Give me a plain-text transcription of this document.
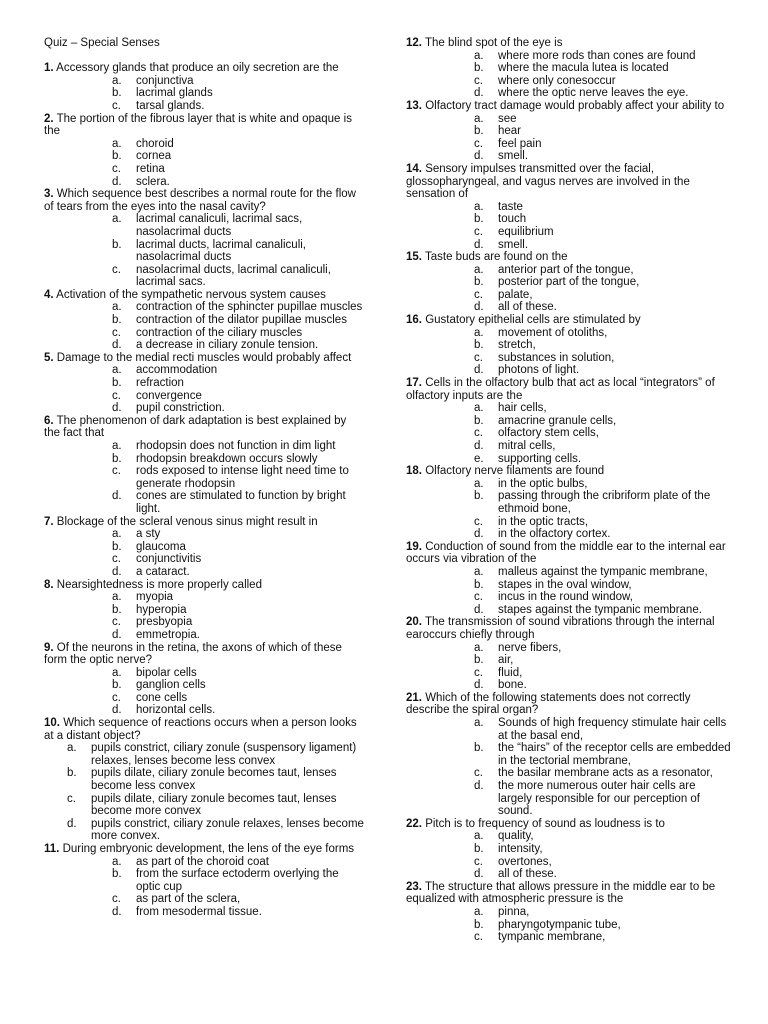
Quiz – Special Senses

1. Accessory glands that produce an oily secretion are the

a.	conjunctiva
b.	lacrimal glands
c.	tarsal glands.

2. The portion of the fibrous layer that is white and opaque is the

a.	choroid
b.	cornea
c.	retina
d.	sclera.

3. Which sequence best describes a normal route for the flow of tears from the eyes into the nasal cavity?

a.	lacrimal canaliculi, lacrimal sacs, nasolacrimal ducts
b.	lacrimal ducts, lacrimal canaliculi, nasolacrimal ducts
c.	nasolacrimal ducts, lacrimal canaliculi, lacrimal sacs.

4. Activation of the sympathetic nervous system causes

a.	contraction of the sphincter pupillae muscles
b.	contraction of the dilator pupillae muscles
c.	contraction of the ciliary muscles
d.	a decrease in ciliary zonule tension.

5. Damage to the medial recti muscles would probably affect

a.	accommodation
b.	refraction
c.	convergence
d.	pupil constriction.

6. The phenomenon of dark adaptation is best explained by the fact that

a.	rhodopsin does not function in dim light
b.	rhodopsin breakdown occurs slowly
c.	rods exposed to intense light need time to generate rhodopsin
d.	cones are stimulated to function by bright light.

7. Blockage of the scleral venous sinus might result in

a.	a sty
b.	glaucoma
c.	conjunctivitis
d.	a cataract.

8. Nearsightedness is more properly called

a.	myopia
b.	hyperopia
c.	presbyopia
d.	emmetropia.

9. Of the neurons in the retina, the axons of which of these form the optic nerve?

a.	bipolar cells
b.	ganglion cells
c.	cone cells
d.	horizontal cells.

10. Which sequence of reactions occurs when a person looks at a distant object?

a.	pupils constrict, ciliary zonule (suspensory ligament) relaxes, lenses become less convex
b.	pupils dilate, ciliary zonule becomes taut, lenses become less convex
c.	pupils dilate, ciliary zonule becomes taut, lenses become more convex
d.	pupils constrict, ciliary zonule relaxes, lenses become more convex.

11. During embryonic development, the lens of the eye forms

a.	as part of the choroid coat
b.	from the surface ectoderm overlying the optic cup
c.	as part of the sclera,
d.	from mesodermal tissue.

12. The blind spot of the eye is

a.	where more rods than cones are found
b.	where the macula lutea is located
c.	where only conesoccur
d.	where the optic nerve leaves the eye.

13. Olfactory tract damage would probably affect your ability to

a.	see
b.	hear
c.	feel pain
d.	smell.

14. Sensory impulses transmitted over the facial, glossopharyngeal, and vagus nerves are involved in the sensation of

a.	taste
b.	touch
c.	equilibrium
d.	smell.

15. Taste buds are found on the

a.	anterior part of the tongue,
b.	posterior part of the tongue,
c.	palate,
d.	all of these.

16. Gustatory epithelial cells are stimulated by

a.	movement of otoliths,
b.	stretch,
c.	substances in solution,
d.	photons of light.

17. Cells in the olfactory bulb that act as local “integrators” of olfactory inputs are the

a.	hair cells,
b.	amacrine granule cells,
c.	olfactory stem cells,
d.	mitral cells,
e.	supporting cells.

18. Olfactory nerve filaments are found

a.	in the optic bulbs,
b.	passing through the cribriform plate of the ethmoid bone,
c.	in the optic tracts,
d.	in the olfactory cortex.

19. Conduction of sound from the middle ear to the internal ear occurs via vibration of the

a.	malleus against the tympanic membrane,
b.	stapes in the oval window,
c.	incus in the round window,
d.	stapes against the tympanic membrane.

20. The transmission of sound vibrations through the internal earoccurs chiefly through

a.	nerve fibers,
b.	air,
c.	fluid,
d.	bone.

21. Which of the following statements does not correctly describe the spiral organ?

a.	Sounds of high frequency stimulate hair cells at the basal end,
b.	the “hairs” of the receptor cells are embedded in the tectorial membrane,
c.	the basilar membrane acts as a resonator,
d.	the more numerous outer hair cells are largely responsible for our perception of sound.

22. Pitch is to frequency of sound as loudness is to

a.	quality,
b.	intensity,
c.	overtones,
d.	all of these.

23. The structure that allows pressure in the middle ear to be equalized with atmospheric pressure is the

a.	pinna,
b.	pharyngotympanic tube,
c.	tympanic membrane,
